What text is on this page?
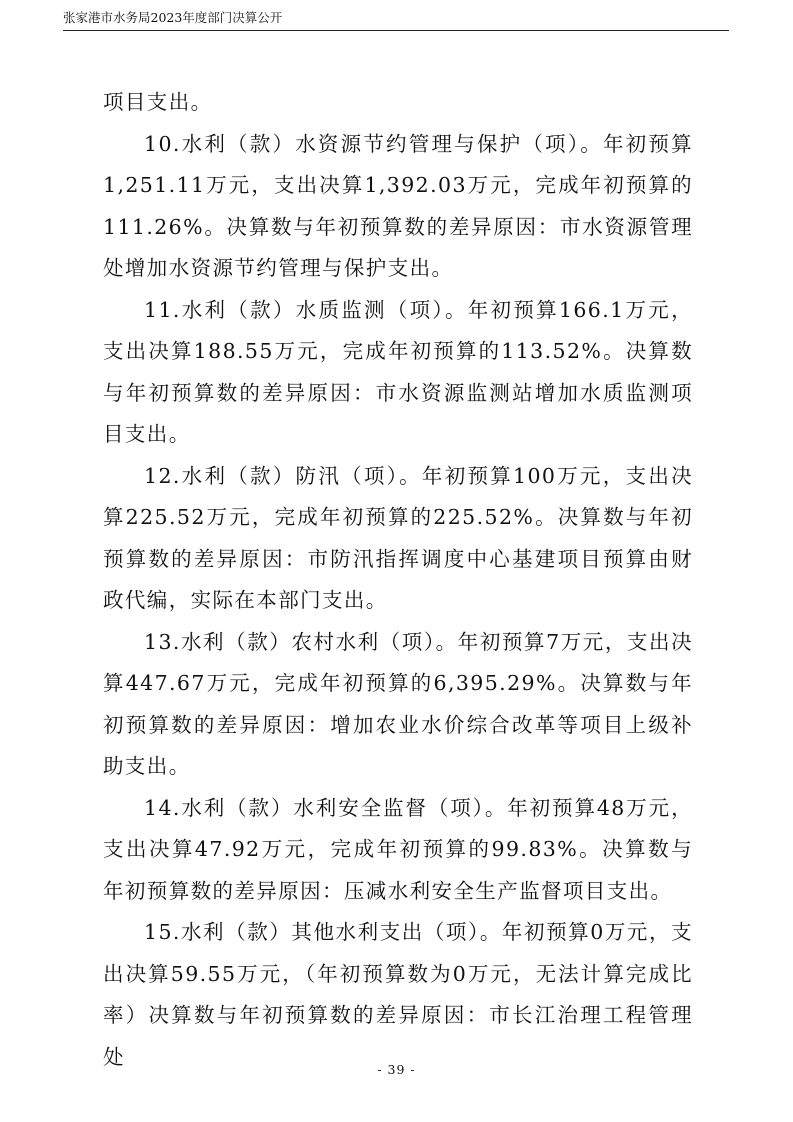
张家港市水务局2023年度部门决算公开

项目支出。

10.水利（款）水资源节约管理与保护（项）。年初预算1,251.11万元，支出决算1,392.03万元，完成年初预算的111.26%。决算数与年初预算数的差异原因：市水资源管理处增加水资源节约管理与保护支出。

11.水利（款）水质监测（项）。年初预算166.1万元，支出决算188.55万元，完成年初预算的113.52%。决算数与年初预算数的差异原因：市水资源监测站增加水质监测项目支出。

12.水利（款）防汛（项）。年初预算100万元，支出决算225.52万元，完成年初预算的225.52%。决算数与年初预算数的差异原因：市防汛指挥调度中心基建项目预算由财政代编，实际在本部门支出。

13.水利（款）农村水利（项）。年初预算7万元，支出决算447.67万元，完成年初预算的6,395.29%。决算数与年初预算数的差异原因：增加农业水价综合改革等项目上级补助支出。

14.水利（款）水利安全监督（项）。年初预算48万元，支出决算47.92万元，完成年初预算的99.83%。决算数与年初预算数的差异原因：压减水利安全生产监督项目支出。

15.水利（款）其他水利支出（项）。年初预算0万元，支出决算59.55万元，（年初预算数为0万元，无法计算完成比率）决算数与年初预算数的差异原因：市长江治理工程管理处

- 39 -
